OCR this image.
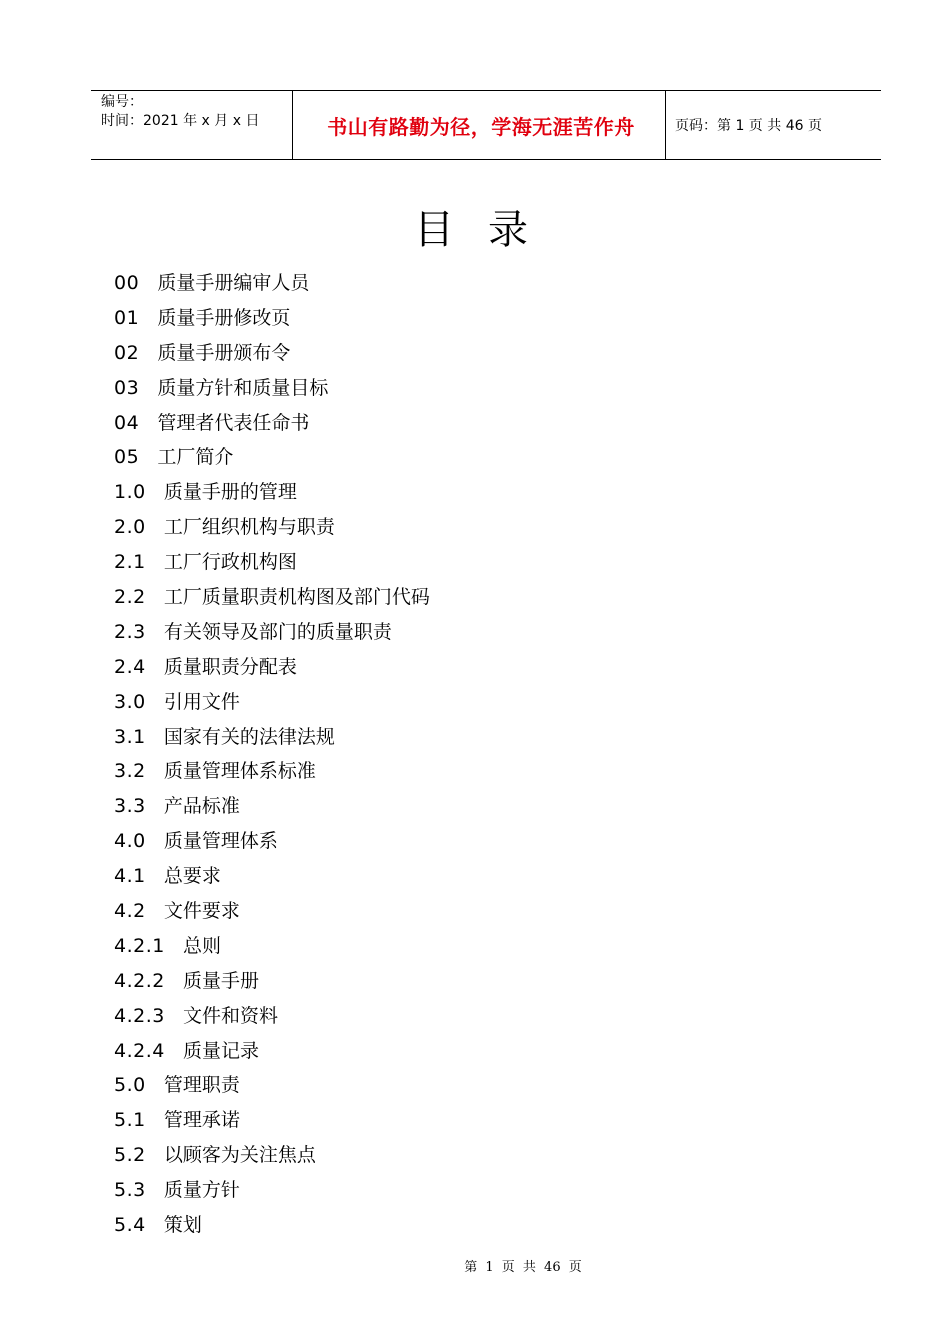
编号：
时间：2021 年 x 月 x 日	书山有路勤为径，学海无涯苦作舟	页码：第 1 页 共 46 页
目录
00 质量手册编审人员
01 质量手册修改页
02 质量手册颁布令
03 质量方针和质量目标
04 管理者代表任命书
05 工厂简介
1.0 质量手册的管理
2.0 工厂组织机构与职责
2.1 工厂行政机构图
2.2 工厂质量职责机构图及部门代码
2.3 有关领导及部门的质量职责
2.4 质量职责分配表
3.0 引用文件
3.1 国家有关的法律法规
3.2 质量管理体系标准
3.3 产品标准
4.0 质量管理体系
4.1 总要求
4.2 文件要求
4.2.1 总则
4.2.2 质量手册
4.2.3 文件和资料
4.2.4 质量记录
5.0 管理职责
5.1 管理承诺
5.2 以顾客为关注焦点
5.3 质量方针
5.4 策划
第 1 页 共 46 页
